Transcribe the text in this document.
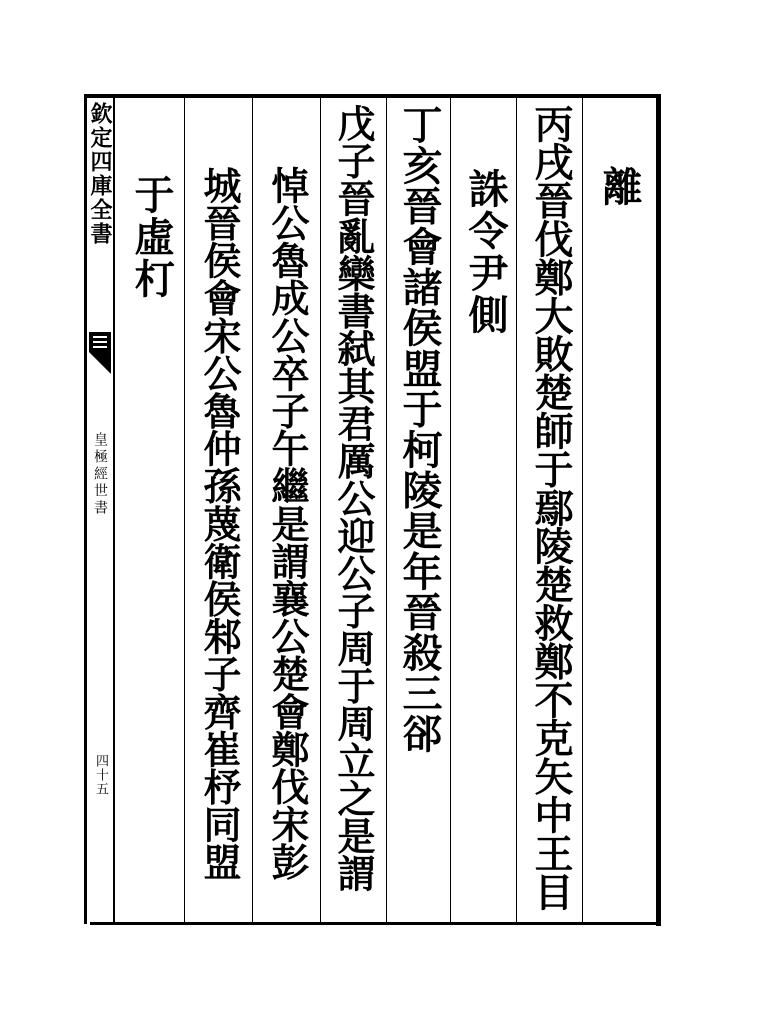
欽定四庫全書
皇極經世書
四十五
離
丙戌晉伐鄭大敗楚師于鄢陵楚救鄭不克矢中王目
誅令尹側
丁亥晉會諸侯盟于柯陵是年晉殺三郤
戊子晉亂欒書弑其君厲公迎公子周于周立之是謂
悼公魯成公卒子午繼是謂襄公楚會鄭伐宋彭
城晉侯會宋公魯仲孫蔑衛侯邾子齊崔杼同盟
于虛朾
